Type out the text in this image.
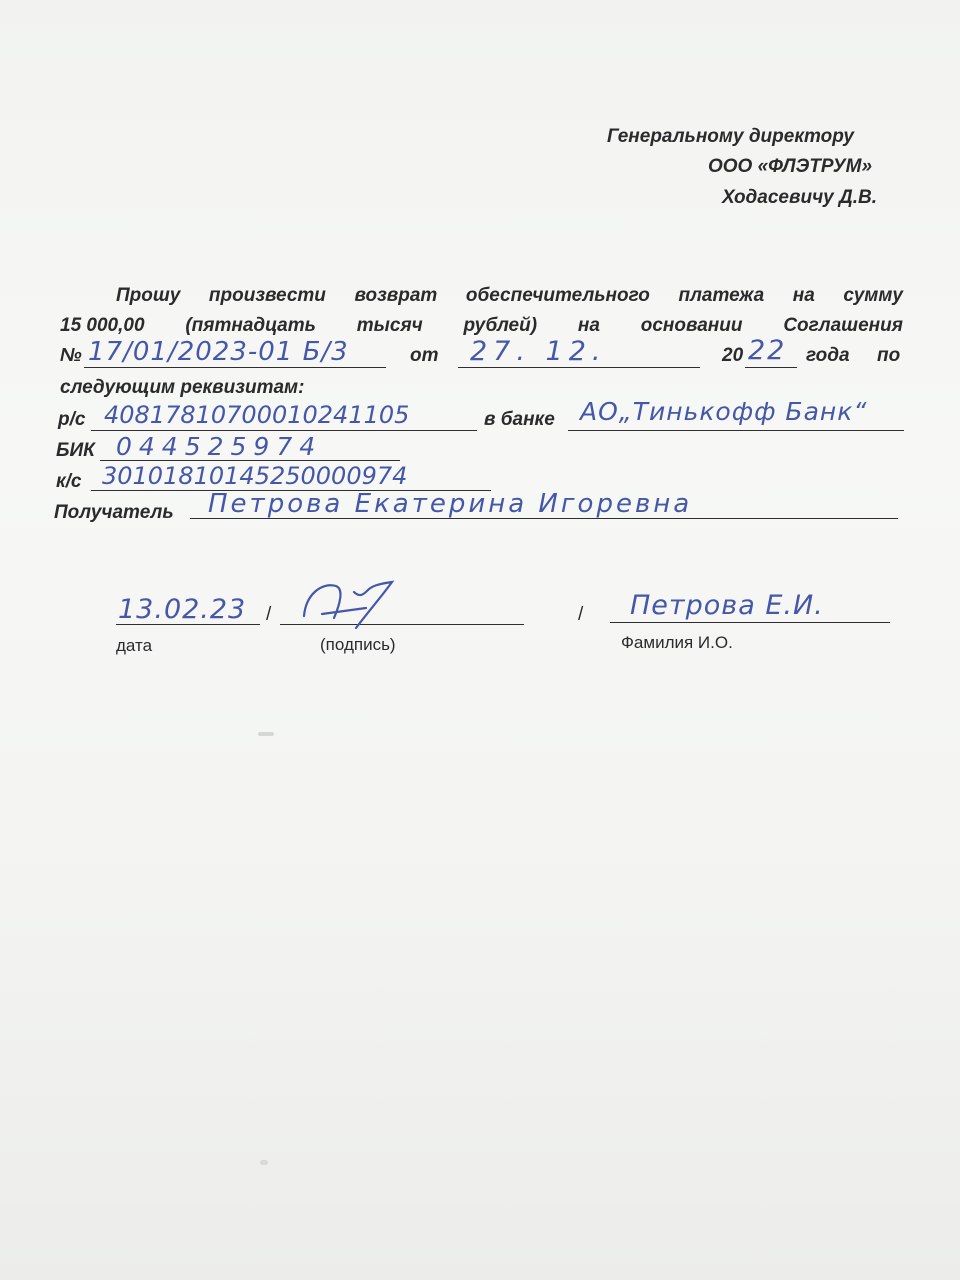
Генеральному директору
ООО «ФЛЭТРУМ»
Ходасевичу Д.В.
Прошу произвести возврат обеспечительного платежа на сумму
15 000,00 (пятнадцать тысяч рублей) на основании Соглашения
№ 17/01/2023-01 Б/3	от 27. 12.	20 22 года по
следующим реквизитам:
р/с 40817810700010241105	в банке АО„Тинькофф Банк“
БИК 044525974
к/с 30101810145250000974
Получатель Петрова Екатерина Игоревна
13.02.23 /	/ Петрова Е.И.
дата	(подпись)	Фамилия И.О.
